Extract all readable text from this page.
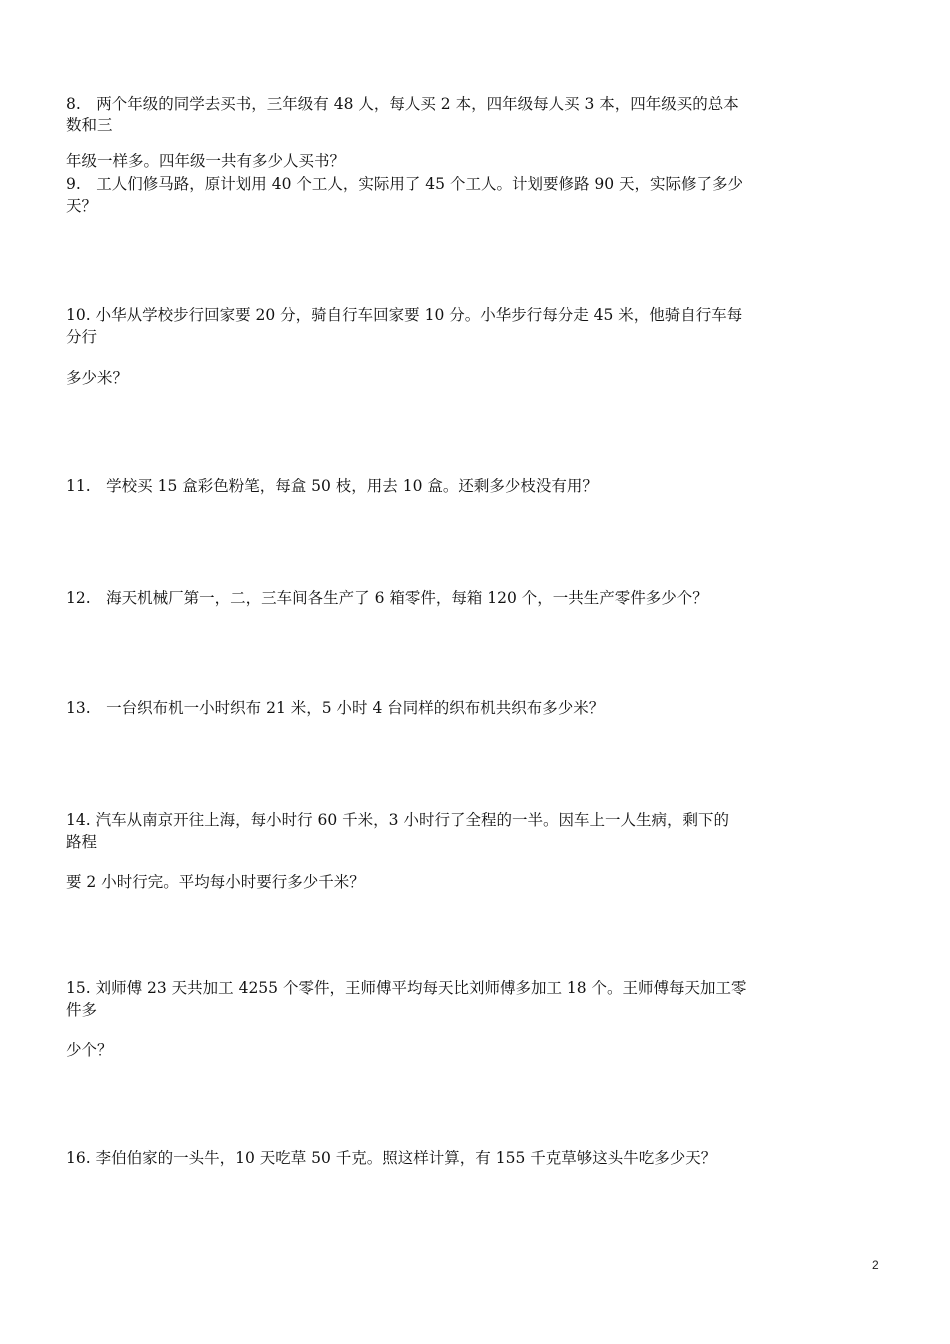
8.　两个年级的同学去买书，三年级有 48 人，每人买 2 本，四年级每人买 3 本，四年级买的总本
数和三
年级一样多。四年级一共有多少人买书？
9.　工人们修马路，原计划用 40 个工人，实际用了 45 个工人。计划要修路 90 天，实际修了多少
天？
10. 小华从学校步行回家要 20 分，骑自行车回家要 10 分。小华步行每分走 45 米，他骑自行车每
分行
多少米？
11.　学校买 15 盒彩色粉笔，每盒 50 枝，用去 10 盒。还剩多少枝没有用？
12.　海天机械厂第一，二，三车间各生产了 6 箱零件，每箱 120 个，一共生产零件多少个？
13.　一台织布机一小时织布 21 米，5 小时 4 台同样的织布机共织布多少米？
14. 汽车从南京开往上海，每小时行 60 千米，3 小时行了全程的一半。因车上一人生病，剩下的
路程
要 2 小时行完。平均每小时要行多少千米？
15. 刘师傅 23 天共加工 4255 个零件，王师傅平均每天比刘师傅多加工 18 个。王师傅每天加工零
件多
少个？
16. 李伯伯家的一头牛，10 天吃草 50 千克。照这样计算，有 155 千克草够这头牛吃多少天？
2
